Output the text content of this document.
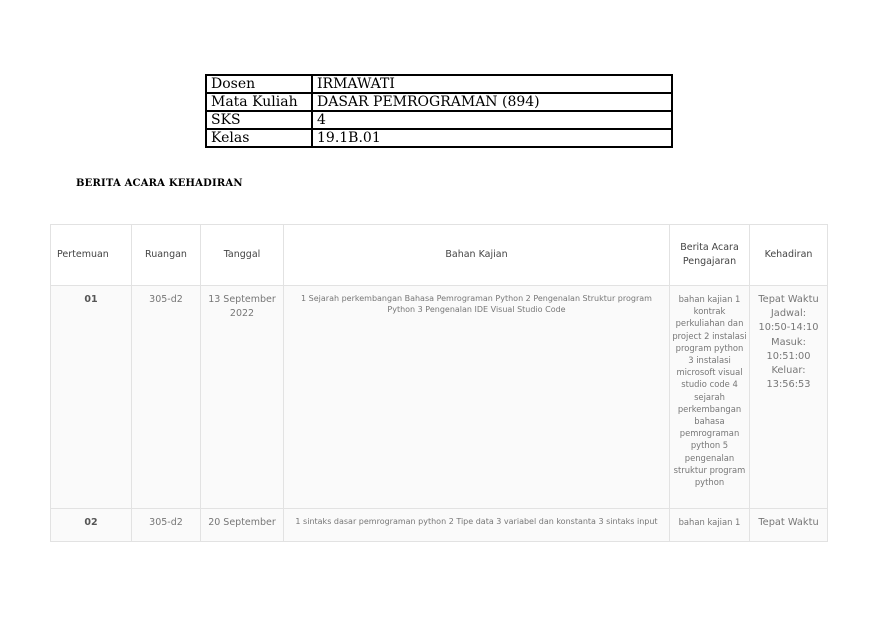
Dosen	IRMAWATI
Mata Kuliah	DASAR PEMROGRAMAN (894)
SKS	4
Kelas	19.1B.01
BERITA ACARA KEHADIRAN
Pertemuan	Ruangan	Tanggal	Bahan Kajian	Berita Acara Pengajaran	Kehadiran
01	305-d2	13 September 2022	1 Sejarah perkembangan Bahasa Pemrograman Python 2 Pengenalan Struktur program Python 3 Pengenalan IDE Visual Studio Code	bahan kajian 1 kontrak perkuliahan dan project 2 instalasi program python 3 instalasi microsoft visual studio code 4 sejarah perkembangan bahasa pemrograman python 5 pengenalan struktur program python	Tepat Waktu Jadwal: 10:50-14:10 Masuk: 10:51:00 Keluar: 13:56:53
02	305-d2	20 September	1 sintaks dasar pemrograman python 2 Tipe data 3 variabel dan konstanta 3 sintaks input	bahan kajian 1	Tepat Waktu
